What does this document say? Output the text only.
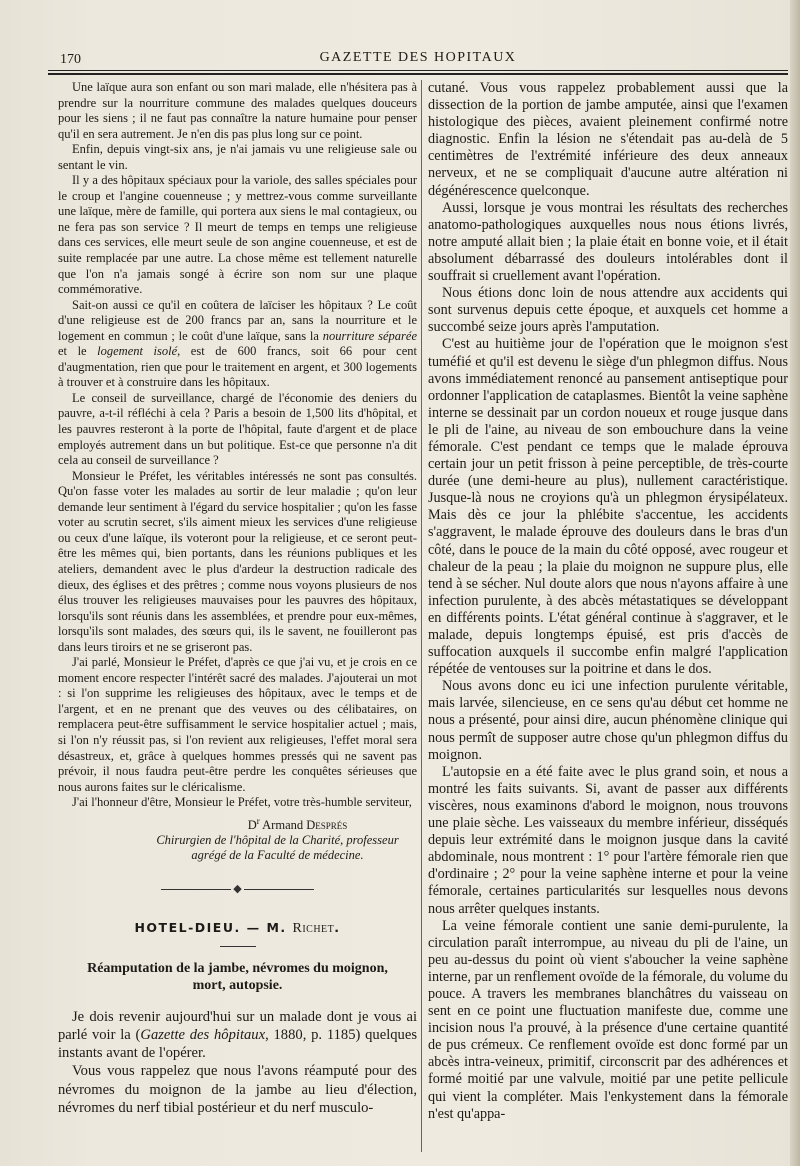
170	GAZETTE DES HOPITAUX

Une laïque aura son enfant ou son mari malade, elle n'hésitera pas à prendre sur la nourriture commune des malades quelques douceurs pour les siens ; il ne faut pas connaître la nature humaine pour penser qu'il en sera autrement. Je n'en dis pas plus long sur ce point.

Enfin, depuis vingt-six ans, je n'ai jamais vu une religieuse sale ou sentant le vin.

Il y a des hôpitaux spéciaux pour la variole, des salles spéciales pour le croup et l'angine couenneuse ; y mettrez-vous comme surveillante une laïque, mère de famille, qui portera aux siens le mal contagieux, ou ne fera pas son service ? Il meurt de temps en temps une religieuse dans ces services, elle meurt seule de son angine couenneuse, et est de suite remplacée par une autre. La chose même est tellement naturelle que l'on n'a jamais songé à écrire son nom sur une plaque commémorative.

Sait-on aussi ce qu'il en coûtera de laïciser les hôpitaux ? Le coût d'une religieuse est de 200 francs par an, sans la nourriture et le logement en commun ; le coût d'une laïque, sans la nourriture séparée et le logement isolé, est de 600 francs, soit 66 pour cent d'augmentation, rien que pour le traitement en argent, et 300 logements à trouver et à construire dans les hôpitaux.

Le conseil de surveillance, chargé de l'économie des deniers du pauvre, a-t-il réfléchi à cela ? Paris a besoin de 1,500 lits d'hôpital, et les pauvres resteront à la porte de l'hôpital, faute d'argent et de place employés autrement dans un but politique. Est-ce que personne n'a dit cela au conseil de surveillance ?

Monsieur le Préfet, les véritables intéressés ne sont pas consultés. Qu'on fasse voter les malades au sortir de leur maladie ; qu'on leur demande leur sentiment à l'égard du service hospitalier ; qu'on les fasse voter au scrutin secret, s'ils aiment mieux les services d'une religieuse ou ceux d'une laïque, ils voteront pour la religieuse, et ce seront peut-être les mêmes qui, bien portants, dans les réunions publiques et les ateliers, demandent avec le plus d'ardeur la destruction radicale des dieux, des églises et des prêtres ; comme nous voyons plusieurs de nos élus trouver les religieuses mauvaises pour les pauvres des hôpitaux, lorsqu'ils sont réunis dans les assemblées, et prendre pour eux-mêmes, lorsqu'ils sont malades, des sœurs qui, ils le savent, ne fouilleront pas dans leurs tiroirs et ne se griseront pas.

J'ai parlé, Monsieur le Préfet, d'après ce que j'ai vu, et je crois en ce moment encore respecter l'intérêt sacré des malades. J'ajouterai un mot : si l'on supprime les religieuses des hôpitaux, avec le temps et de l'argent, et en ne prenant que des veuves ou des célibataires, on remplacera peut-être suffisamment le service hospitalier actuel ; mais, si l'on n'y réussit pas, si l'on revient aux religieuses, l'effet moral sera désastreux, et, grâce à quelques hommes pressés qui ne savent pas prévoir, il nous faudra peut-être perdre les conquêtes sérieuses que nous aurons faites sur le cléricalisme.

J'ai l'honneur d'être, Monsieur le Préfet, votre très-humble serviteur,

$D^r$ Armand Després
Chirurgien de l'hôpital de la Charité, professeur agrégé de la Faculté de médecine.
◆
HOTEL-DIEU. — M. Richet.
Réamputation de la jambe, névromes du moignon, mort, autopsie.

Je dois revenir aujourd'hui sur un malade dont je vous ai parlé voir la (Gazette des hôpitaux, 1880, p. 1185) quelques instants avant de l'opérer.

Vous vous rappelez que nous l'avons réamputé pour des névromes du moignon de la jambe au lieu d'élection, névromes du nerf tibial postérieur et du nerf musculo-

cutané. Vous vous rappelez probablement aussi que la dissection de la portion de jambe amputée, ainsi que l'examen histologique des pièces, avaient pleinement confirmé notre diagnostic. Enfin la lésion ne s'étendait pas au-delà de 5 centimètres de l'extrémité inférieure des deux anneaux nerveux, et ne se compliquait d'aucune autre altération ni dégénérescence quelconque.

Aussi, lorsque je vous montrai les résultats des recherches anatomo-pathologiques auxquelles nous nous étions livrés, notre amputé allait bien ; la plaie était en bonne voie, et il était absolument débarrassé des douleurs intolérables dont il souffrait si cruellement avant l'opération.

Nous étions donc loin de nous attendre aux accidents qui sont survenus depuis cette époque, et auxquels cet homme a succombé seize jours après l'amputation.

C'est au huitième jour de l'opération que le moignon s'est tuméfié et qu'il est devenu le siège d'un phlegmon diffus. Nous avons immédiatement renoncé au pansement antiseptique pour ordonner l'application de cataplasmes. Bientôt la veine saphène interne se dessinait par un cordon noueux et rouge jusque dans le pli de l'aine, au niveau de son embouchure dans la veine fémorale. C'est pendant ce temps que le malade éprouva certain jour un petit frisson à peine perceptible, de très-courte durée (une demi-heure au plus), nullement caractéristique. Jusque-là nous ne croyions qu'à un phlegmon érysipélateux. Mais dès ce jour la phlébite s'accentue, les accidents s'aggravent, le malade éprouve des douleurs dans le bras d'un côté, dans le pouce de la main du côté opposé, avec rougeur et chaleur de la peau ; la plaie du moignon ne suppure plus, elle tend à se sécher. Nul doute alors que nous n'ayons affaire à une infection purulente, à des abcès métastatiques se développant en différents points. L'état général continue à s'aggraver, et le malade, depuis longtemps épuisé, est pris d'accès de suffocation auxquels il succombe enfin malgré l'application répétée de ventouses sur la poitrine et dans le dos.

Nous avons donc eu ici une infection purulente véritable, mais larvée, silencieuse, en ce sens qu'au début cet homme ne nous a présenté, pour ainsi dire, aucun phénomène clinique qui nous permît de supposer autre chose qu'un phlegmon diffus du moignon.

L'autopsie en a été faite avec le plus grand soin, et nous a montré les faits suivants. Si, avant de passer aux différents viscères, nous examinons d'abord le moignon, nous trouvons une plaie sèche. Les vaisseaux du membre inférieur, disséqués depuis leur extrémité dans le moignon jusque dans la cavité abdominale, nous montrent : 1° pour l'artère fémorale rien que d'ordinaire ; 2° pour la veine saphène interne et pour la veine fémorale, certaines particularités sur lesquelles nous devons nous arrêter quelques instants.

La veine fémorale contient une sanie demi-purulente, la circulation paraît interrompue, au niveau du pli de l'aine, un peu au-dessus du point où vient s'aboucher la veine saphène interne, par un renflement ovoïde de la fémorale, du volume du pouce. A travers les membranes blanchâtres du vaisseau on sent en ce point une fluctuation manifeste due, comme une incision nous l'a prouvé, à la présence d'une certaine quantité de pus crémeux. Ce renflement ovoïde est donc formé par un abcès intra-veineux, primitif, circonscrit par des adhérences et formé moitié par une valvule, moitié par une petite pellicule qui vient la compléter. Mais l'enkystement dans la fémorale n'est qu'appa-
